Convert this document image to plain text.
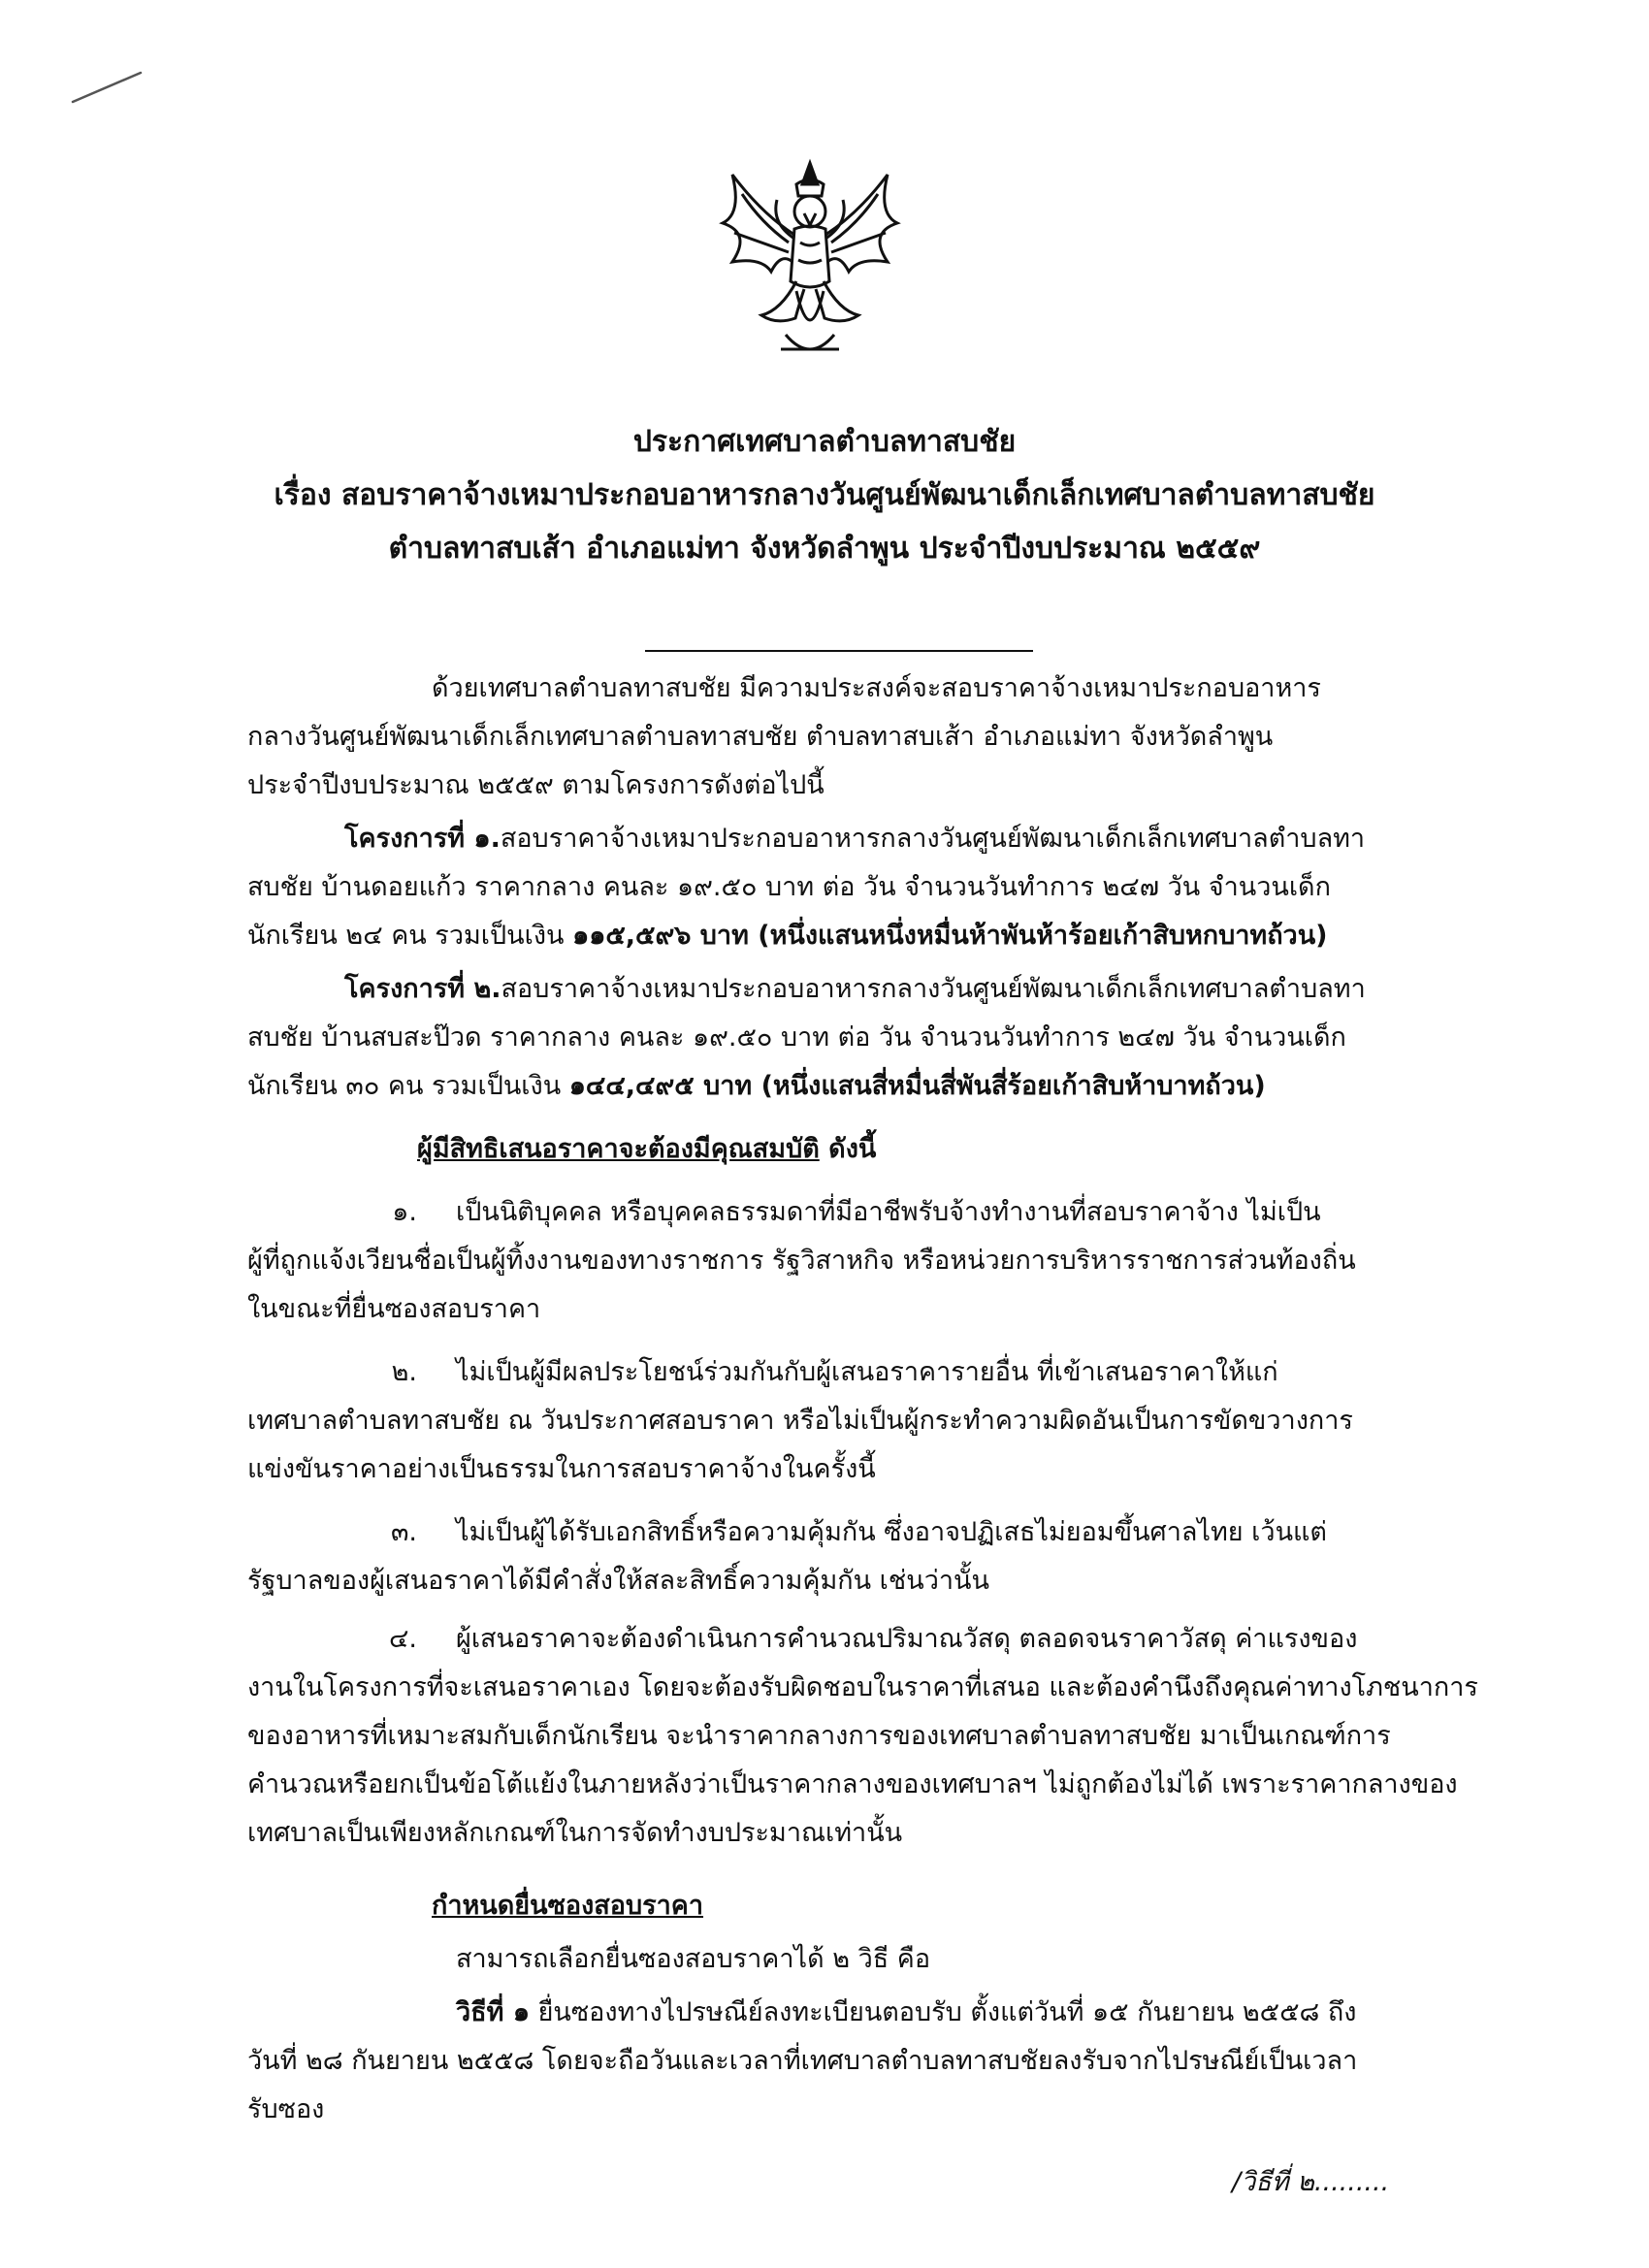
ประกาศเทศบาลตำบลทาสบชัย
เรื่อง สอบราคาจ้างเหมาประกอบอาหารกลางวันศูนย์พัฒนาเด็กเล็กเทศบาลตำบลทาสบชัย
ตำบลทาสบเส้า อำเภอแม่ทา จังหวัดลำพูน ประจำปีงบประมาณ ๒๕๕๙
ด้วยเทศบาลตำบลทาสบชัย มีความประสงค์จะสอบราคาจ้างเหมาประกอบอาหาร
กลางวันศูนย์พัฒนาเด็กเล็กเทศบาลตำบลทาสบชัย ตำบลทาสบเส้า อำเภอแม่ทา จังหวัดลำพูน
ประจำปีงบประมาณ ๒๕๕๙ ตามโครงการดังต่อไปนี้
โครงการที่ ๑.สอบราคาจ้างเหมาประกอบอาหารกลางวันศูนย์พัฒนาเด็กเล็กเทศบาลตำบลทา
สบชัย บ้านดอยแก้ว ราคากลาง คนละ ๑๙.๕๐ บาท ต่อ วัน จำนวนวันทำการ ๒๔๗ วัน จำนวนเด็ก
นักเรียน ๒๔ คน รวมเป็นเงิน ๑๑๕,๕๙๖ บาท (หนึ่งแสนหนึ่งหมื่นห้าพันห้าร้อยเก้าสิบหกบาทถ้วน)
โครงการที่ ๒.สอบราคาจ้างเหมาประกอบอาหารกลางวันศูนย์พัฒนาเด็กเล็กเทศบาลตำบลทา
สบชัย บ้านสบสะป๊วด ราคากลาง คนละ ๑๙.๕๐ บาท ต่อ วัน จำนวนวันทำการ ๒๔๗ วัน จำนวนเด็ก
นักเรียน ๓๐ คน รวมเป็นเงิน ๑๔๔,๔๙๕ บาท (หนึ่งแสนสี่หมื่นสี่พันสี่ร้อยเก้าสิบห้าบาทถ้วน)
ผู้มีสิทธิเสนอราคาจะต้องมีคุณสมบัติ ดังนี้
๑. เป็นนิติบุคคล หรือบุคคลธรรมดาที่มีอาชีพรับจ้างทำงานที่สอบราคาจ้าง ไม่เป็น
ผู้ที่ถูกแจ้งเวียนชื่อเป็นผู้ทิ้งงานของทางราชการ รัฐวิสาหกิจ หรือหน่วยการบริหารราชการส่วนท้องถิ่น
ในขณะที่ยื่นซองสอบราคา
๒. ไม่เป็นผู้มีผลประโยชน์ร่วมกันกับผู้เสนอราคารายอื่น ที่เข้าเสนอราคาให้แก่
เทศบาลตำบลทาสบชัย ณ วันประกาศสอบราคา หรือไม่เป็นผู้กระทำความผิดอันเป็นการขัดขวางการ
แข่งขันราคาอย่างเป็นธรรมในการสอบราคาจ้างในครั้งนี้
๓. ไม่เป็นผู้ได้รับเอกสิทธิ์หรือความคุ้มกัน ซึ่งอาจปฏิเสธไม่ยอมขึ้นศาลไทย เว้นแต่
รัฐบาลของผู้เสนอราคาได้มีคำสั่งให้สละสิทธิ์ความคุ้มกัน เช่นว่านั้น
๔. ผู้เสนอราคาจะต้องดำเนินการคำนวณปริมาณวัสดุ ตลอดจนราคาวัสดุ ค่าแรงของ
งานในโครงการที่จะเสนอราคาเอง โดยจะต้องรับผิดชอบในราคาที่เสนอ และต้องคำนึงถึงคุณค่าทางโภชนาการ
ของอาหารที่เหมาะสมกับเด็กนักเรียน จะนำราคากลางการของเทศบาลตำบลทาสบชัย มาเป็นเกณฑ์การ
คำนวณหรือยกเป็นข้อโต้แย้งในภายหลังว่าเป็นราคากลางของเทศบาลฯ ไม่ถูกต้องไม่ได้ เพราะราคากลางของ
เทศบาลเป็นเพียงหลักเกณฑ์ในการจัดทำงบประมาณเท่านั้น
กำหนดยื่นซองสอบราคา
สามารถเลือกยื่นซองสอบราคาได้ ๒ วิธี คือ
วิธีที่ ๑ ยื่นซองทางไปรษณีย์ลงทะเบียนตอบรับ ตั้งแต่วันที่ ๑๕ กันยายน ๒๕๕๘ ถึง
วันที่ ๒๘ กันยายน ๒๕๕๘ โดยจะถือวันและเวลาที่เทศบาลตำบลทาสบชัยลงรับจากไปรษณีย์เป็นเวลา
รับซอง
/วิธีที่ ๒.........
